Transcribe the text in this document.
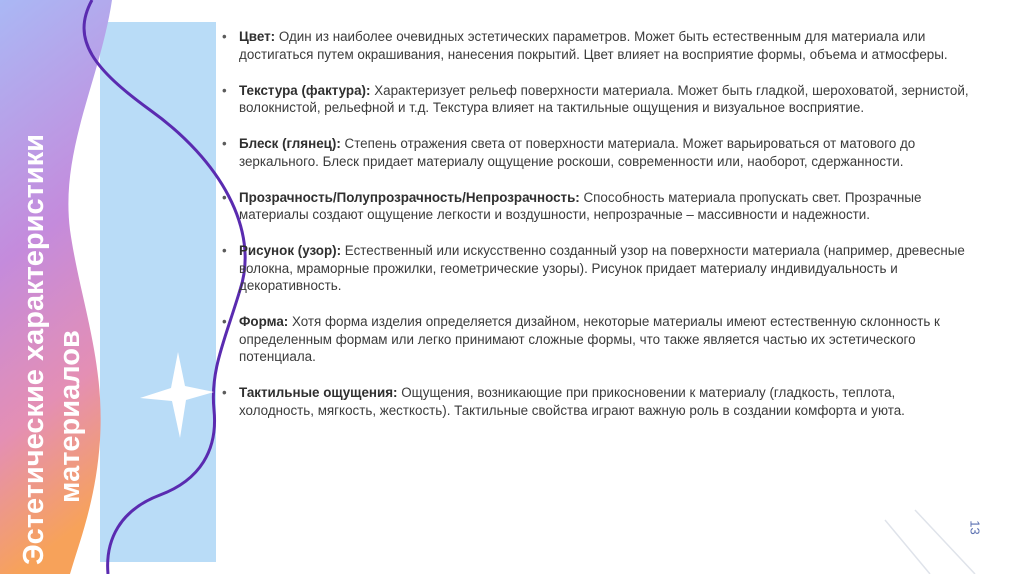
Эстетические характеристики материалов
• Цвет: Один из наиболее очевидных эстетических параметров. Может быть естественным для материала или достигаться путем окрашивания, нанесения покрытий. Цвет влияет на восприятие формы, объема и атмосферы.
• Текстура (фактура): Характеризует рельеф поверхности материала. Может быть гладкой, шероховатой, зернистой, волокнистой, рельефной и т.д. Текстура влияет на тактильные ощущения и визуальное восприятие.
• Блеск (глянец): Степень отражения света от поверхности материала. Может варьироваться от матового до зеркального. Блеск придает материалу ощущение роскоши, современности или, наоборот, сдержанности.
• Прозрачность/Полупрозрачность/Непрозрачность: Способность материала пропускать свет. Прозрачные материалы создают ощущение легкости и воздушности, непрозрачные – массивности и надежности.
• Рисунок (узор): Естественный или искусственно созданный узор на поверхности материала (например, древесные волокна, мраморные прожилки, геометрические узоры). Рисунок придает материалу индивидуальность и декоративность.
• Форма: Хотя форма изделия определяется дизайном, некоторые материалы имеют естественную склонность к определенным формам или легко принимают сложные формы, что также является частью их эстетического потенциала.
• Тактильные ощущения: Ощущения, возникающие при прикосновении к материалу (гладкость, теплота, холодность, мягкость, жесткость). Тактильные свойства играют важную роль в создании комфорта и уюта.
13
